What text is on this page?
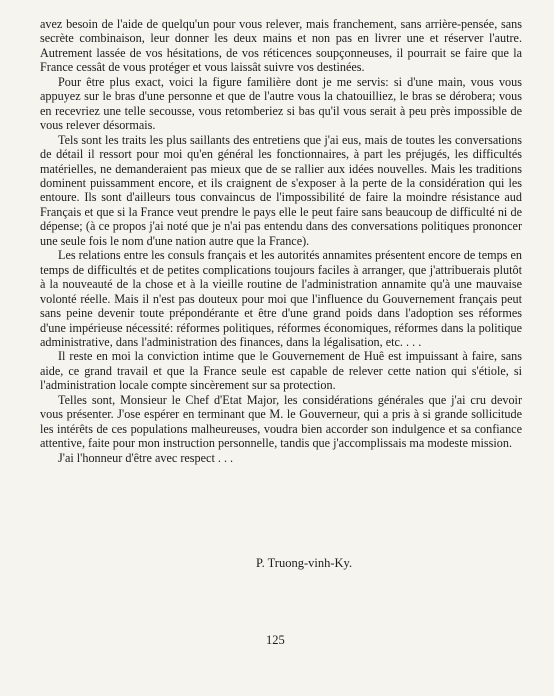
avez besoin de l'aide de quelqu'un pour vous relever, mais franchement, sans arrière-pensée, sans secrète combinaison, leur donner les deux mains et non pas en livrer une et réserver l'autre. Autrement lassée de vos hésitations, de vos réticences soupçonneuses, il pourrait se faire que la France cessât de vous protéger et vous laissât suivre vos destinées.

Pour être plus exact, voici la figure familière dont je me servis: si d'une main, vous vous appuyez sur le bras d'une personne et que de l'autre vous la chatouilliez, le bras se dérobera; vous en recevriez une telle secousse, vous retomberiez si bas qu'il vous serait à peu près impossible de vous relever désormais.

Tels sont les traits les plus saillants des entretiens que j'ai eus, mais de toutes les conversations de détail il ressort pour moi qu'en général les fonctionnaires, à part les préjugés, les difficultés matérielles, ne demanderaient pas mieux que de se rallier aux idées nouvelles. Mais les traditions dominent puissamment encore, et ils craignent de s'exposer à la perte de la considération qui les entoure. Ils sont d'ailleurs tous convaincus de l'impossibilité de faire la moindre résistance aud Français et que si la France veut prendre le pays elle le peut faire sans beaucoup de difficulté ni de dépense; (à ce propos j'ai noté que je n'ai pas entendu dans des conversations politiques prononcer une seule fois le nom d'une nation autre que la France).

Les relations entre les consuls français et les autorités annamites présentent encore de temps en temps de difficultés et de petites complications toujours faciles à arranger, que j'attribuerais plutôt à la nouveauté de la chose et à la vieille routine de l'administration annamite qu'à une mauvaise volonté réelle. Mais il n'est pas douteux pour moi que l'influence du Gouvernement français peut sans peine devenir toute prépondérante et être d'une grand poids dans l'adoption ses réformes d'une impérieuse nécessité: réformes politiques, réformes économiques, réformes dans la politique administrative, dans l'administration des finances, dans la légalisation, etc. . . .

Il reste en moi la conviction intime que le Gouvernement de Huê est impuissant à faire, sans aide, ce grand travail et que la France seule est capable de relever cette nation qui s'étiole, si l'administration locale compte sincèrement sur sa protection.

Telles sont, Monsieur le Chef d'Etat Major, les considérations générales que j'ai cru devoir vous présenter. J'ose espérer en terminant que M. le Gouverneur, qui a pris à si grande sollicitude les intérêts de ces populations malheureuses, voudra bien accorder son indulgence et sa confiance attentive, faite pour mon instruction personnelle, tandis que j'accomplissais ma modeste mission.

J'ai l'honneur d'être avec respect . . .

P. Truong-vinh-Ky.
125
